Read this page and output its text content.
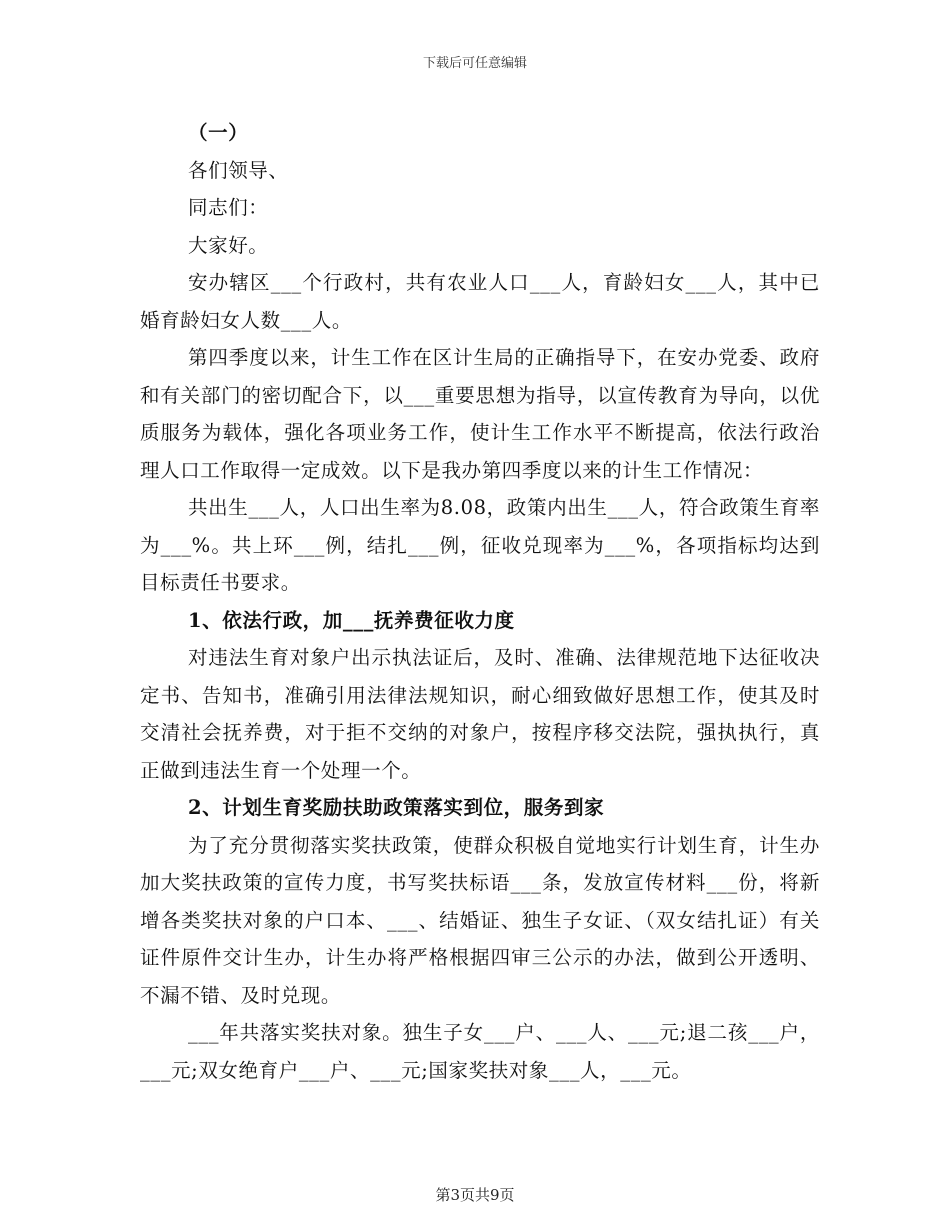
下载后可任意编辑

（一）

各们领导、

同志们：

大家好。

安办辖区___个行政村，共有农业人口___人，育龄妇女___人，其中已婚育龄妇女人数___人。

第四季度以来，计生工作在区计生局的正确指导下，在安办党委、政府和有关部门的密切配合下，以___重要思想为指导，以宣传教育为导向，以优质服务为载体，强化各项业务工作，使计生工作水平不断提高，依法行政治理人口工作取得一定成效。以下是我办第四季度以来的计生工作情况：

共出生___人，人口出生率为8.08，政策内出生___人，符合政策生育率为___%。共上环___例，结扎___例，征收兑现率为___%，各项指标均达到目标责任书要求。

1、依法行政，加___抚养费征收力度

对违法生育对象户出示执法证后，及时、准确、法律规范地下达征收决定书、告知书，准确引用法律法规知识，耐心细致做好思想工作，使其及时交清社会抚养费，对于拒不交纳的对象户，按程序移交法院，强执执行，真正做到违法生育一个处理一个。

2、计划生育奖励扶助政策落实到位，服务到家

为了充分贯彻落实奖扶政策，使群众积极自觉地实行计划生育，计生办加大奖扶政策的宣传力度，书写奖扶标语___条，发放宣传材料___份，将新增各类奖扶对象的户口本、___、结婚证、独生子女证、（双女结扎证）有关证件原件交计生办，计生办将严格根据四审三公示的办法，做到公开透明、不漏不错、及时兑现。

___年共落实奖扶对象。独生子女___户、___人、___元;退二孩___户，___元;双女绝育户___户、___元;国家奖扶对象___人，___元。

第3页共9页
